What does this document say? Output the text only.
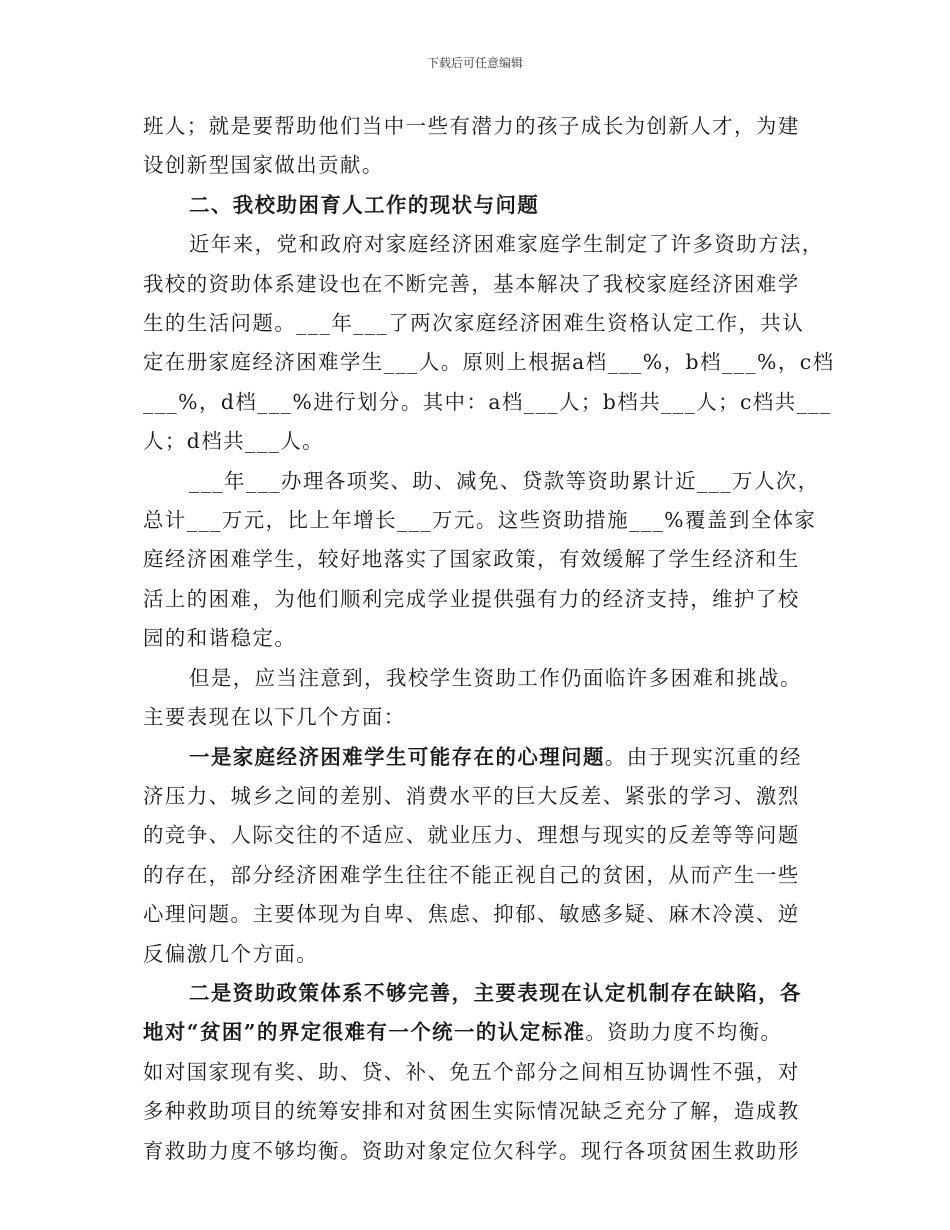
下载后可任意编辑

班人；就是要帮助他们当中一些有潜力的孩子成长为创新人才，为建
设创新型国家做出贡献。

二、我校助困育人工作的现状与问题

近年来，党和政府对家庭经济困难家庭学生制定了许多资助方法，
我校的资助体系建设也在不断完善，基本解决了我校家庭经济困难学
生的生活问题。___年___了两次家庭经济困难生资格认定工作，共认
定在册家庭经济困难学生___人。原则上根据a档___%，b档___%，c档
___%，d档___%进行划分。其中：a档___人；b档共___人；c档共___
人；d档共___人。

___年___办理各项奖、助、减免、贷款等资助累计近___万人次，
总计___万元，比上年增长___万元。这些资助措施___%覆盖到全体家
庭经济困难学生，较好地落实了国家政策，有效缓解了学生经济和生
活上的困难，为他们顺利完成学业提供强有力的经济支持，维护了校
园的和谐稳定。

但是，应当注意到，我校学生资助工作仍面临许多困难和挑战。
主要表现在以下几个方面：

一是家庭经济困难学生可能存在的心理问题。由于现实沉重的经
济压力、城乡之间的差别、消费水平的巨大反差、紧张的学习、激烈
的竞争、人际交往的不适应、就业压力、理想与现实的反差等等问题
的存在，部分经济困难学生往往不能正视自己的贫困，从而产生一些
心理问题。主要体现为自卑、焦虑、抑郁、敏感多疑、麻木冷漠、逆
反偏激几个方面。

二是资助政策体系不够完善，主要表现在认定机制存在缺陷，各
地对“贫困”的界定很难有一个统一的认定标准。资助力度不均衡。
如对国家现有奖、助、贷、补、免五个部分之间相互协调性不强，对
多种救助项目的统筹安排和对贫困生实际情况缺乏充分了解，造成教
育救助力度不够均衡。资助对象定位欠科学。现行各项贫困生救助形
